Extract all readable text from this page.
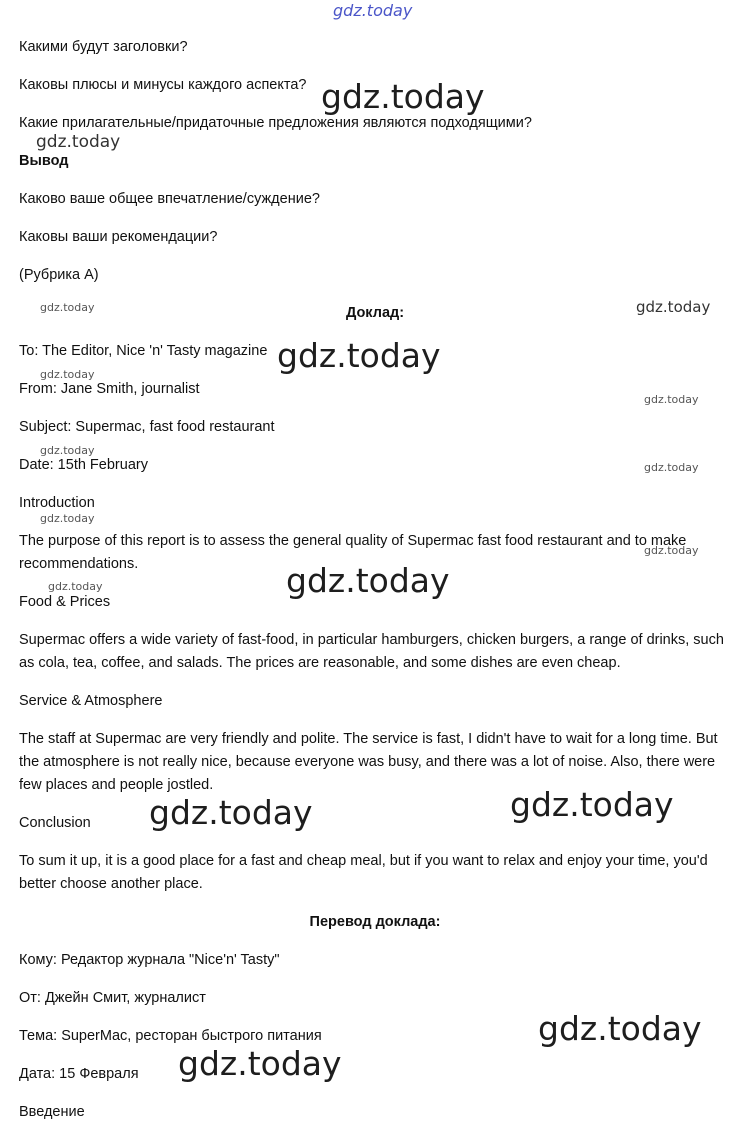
Какими будут заголовки?
Каковы плюсы и минусы каждого аспекта?
Какие прилагательные/придаточные предложения являются подходящими?
Вывод
Каково ваше общее впечатление/суждение?
Каковы ваши рекомендации?
(Рубрика A)
Доклад:
To: The Editor, Nice 'n' Tasty magazine
From: Jane Smith, journalist
Subject: Supermac, fast food restaurant
Date: 15th February
Introduction
The purpose of this report is to assess the general quality of Supermac fast food restaurant and to make recommendations.
Food & Prices
Supermac offers a wide variety of fast-food, in particular hamburgers, chicken burgers, a range of drinks, such as cola, tea, coffee, and salads. The prices are reasonable, and some dishes are even cheap.
Service & Atmosphere
The staff at Supermac are very friendly and polite. The service is fast, I didn't have to wait for a long time. But the atmosphere is not really nice, because everyone was busy, and there was a lot of noise. Also, there were few places and people jostled.
Conclusion
To sum it up, it is a good place for a fast and cheap meal, but if you want to relax and enjoy your time, you'd better choose another place.
Перевод доклада:
Кому: Редактор журнала "Nice'n' Tasty"
От: Джейн Смит, журналист
Тема: SuperMac, ресторан быстрого питания
Дата: 15 Февраля
Введение
gdz.today
gdz.today
gdz.today
gdz.today	gdz.today
gdz.today
gdz.today
gdz.today
gdz.today
gdz.today
gdz.today
gdz.today
gdz.today
gdz.today
gdz.today	gdz.today
gdz.today
gdz.today
